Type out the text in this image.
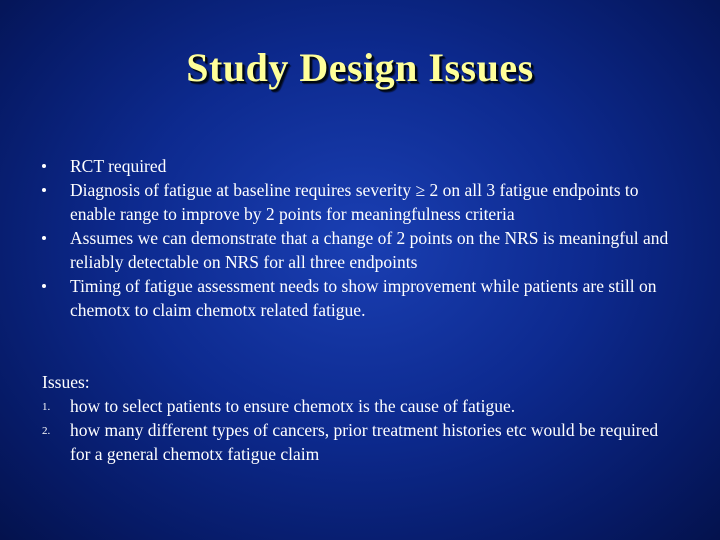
Study Design Issues
RCT required
Diagnosis of fatigue at baseline requires severity ≥ 2 on all 3 fatigue endpoints to enable range to improve by 2 points for meaningfulness criteria
Assumes we can demonstrate that a change of 2 points on the NRS is meaningful and reliably detectable on NRS for all three endpoints
Timing of fatigue assessment needs to show improvement while patients are still on chemotx to claim chemotx related fatigue.
Issues:
1. how to select patients to ensure chemotx is the cause of fatigue.
2. how many different types of cancers, prior treatment histories etc would be required for a general chemotx fatigue claim
